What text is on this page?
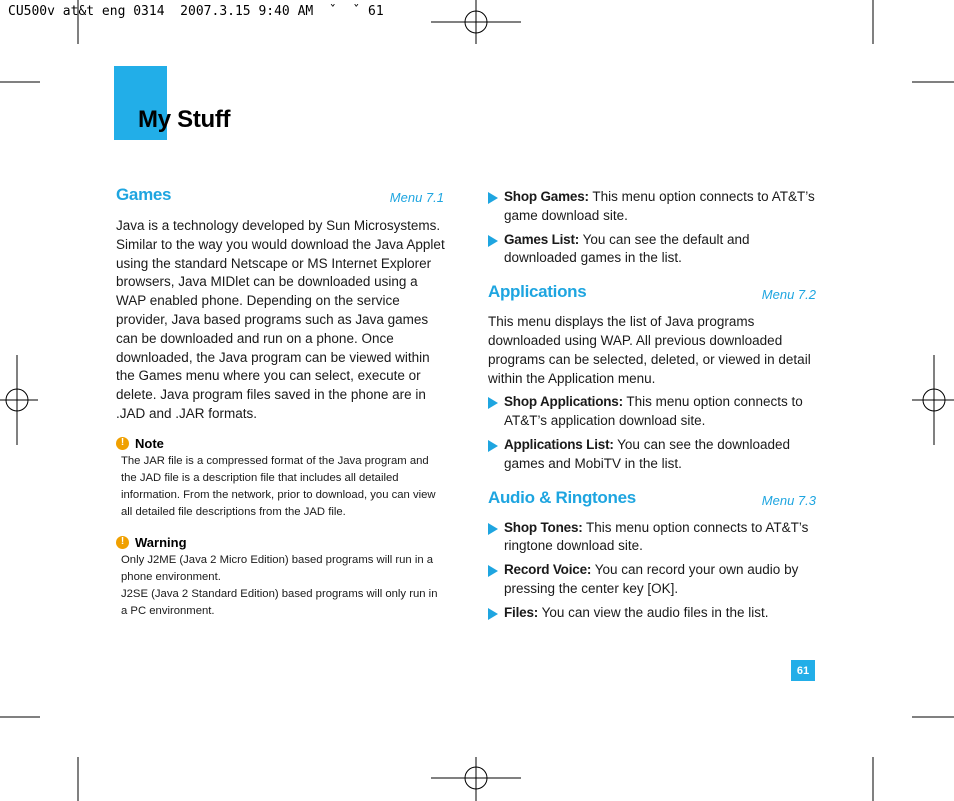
CU500v at&t eng 0314  2007.3.15 9:40 AM  ˇ  ˇ 61
My Stuff
Games	Menu 7.1

Java is a technology developed by Sun Microsystems. Similar to the way you would download the Java Applet using the standard Netscape or MS Internet Explorer browsers, Java MIDlet can be downloaded using a WAP enabled phone. Depending on the service provider, Java based programs such as Java games can be downloaded and run on a phone. Once downloaded, the Java program can be viewed within the Games menu where you can select, execute or delete. Java program files saved in the phone are in .JAD and .JAR formats.

! Note

The JAR file is a compressed format of the Java program and the JAD file is a description file that includes all detailed information. From the network, prior to download, you can view all detailed file descriptions from the JAD file.

! Warning

Only J2ME (Java 2 Micro Edition) based programs will run in a phone environment.

J2SE (Java 2 Standard Edition) based programs will only run in a PC environment.

Shop Games: This menu option connects to AT&T’s game download site.
Games List: You can see the default and downloaded games in the list.
Applications	Menu 7.2

This menu displays the list of Java programs downloaded using WAP. All previous downloaded programs can be selected, deleted, or viewed in detail within the Application menu.

Shop Applications: This menu option connects to AT&T’s application download site.
Applications List: You can see the downloaded games and MobiTV in the list.
Audio & Ringtones	Menu 7.3
Shop Tones: This menu option connects to AT&T’s ringtone download site.
Record Voice: You can record your own audio by pressing the center key [OK].
Files: You can view the audio files in the list.
61
